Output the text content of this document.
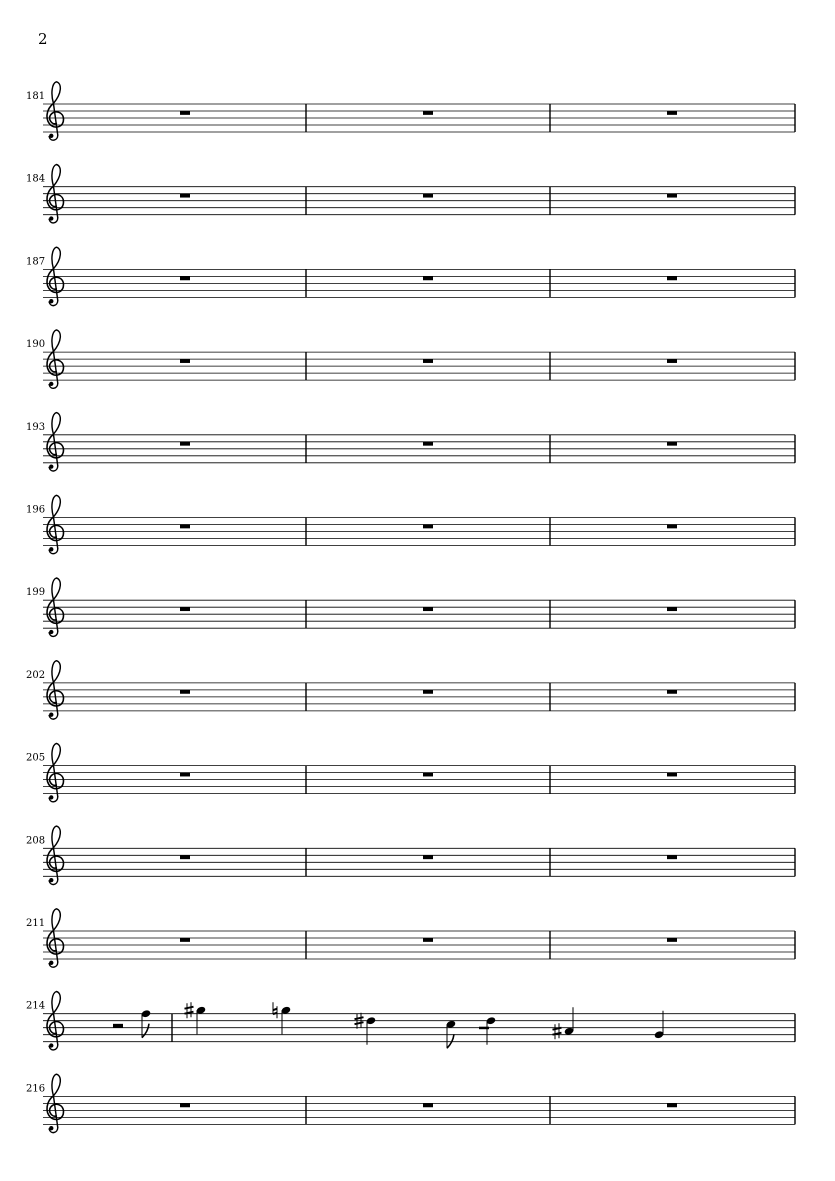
2
181
184
187
190
193
196
199
202
205
208
211
214
216
